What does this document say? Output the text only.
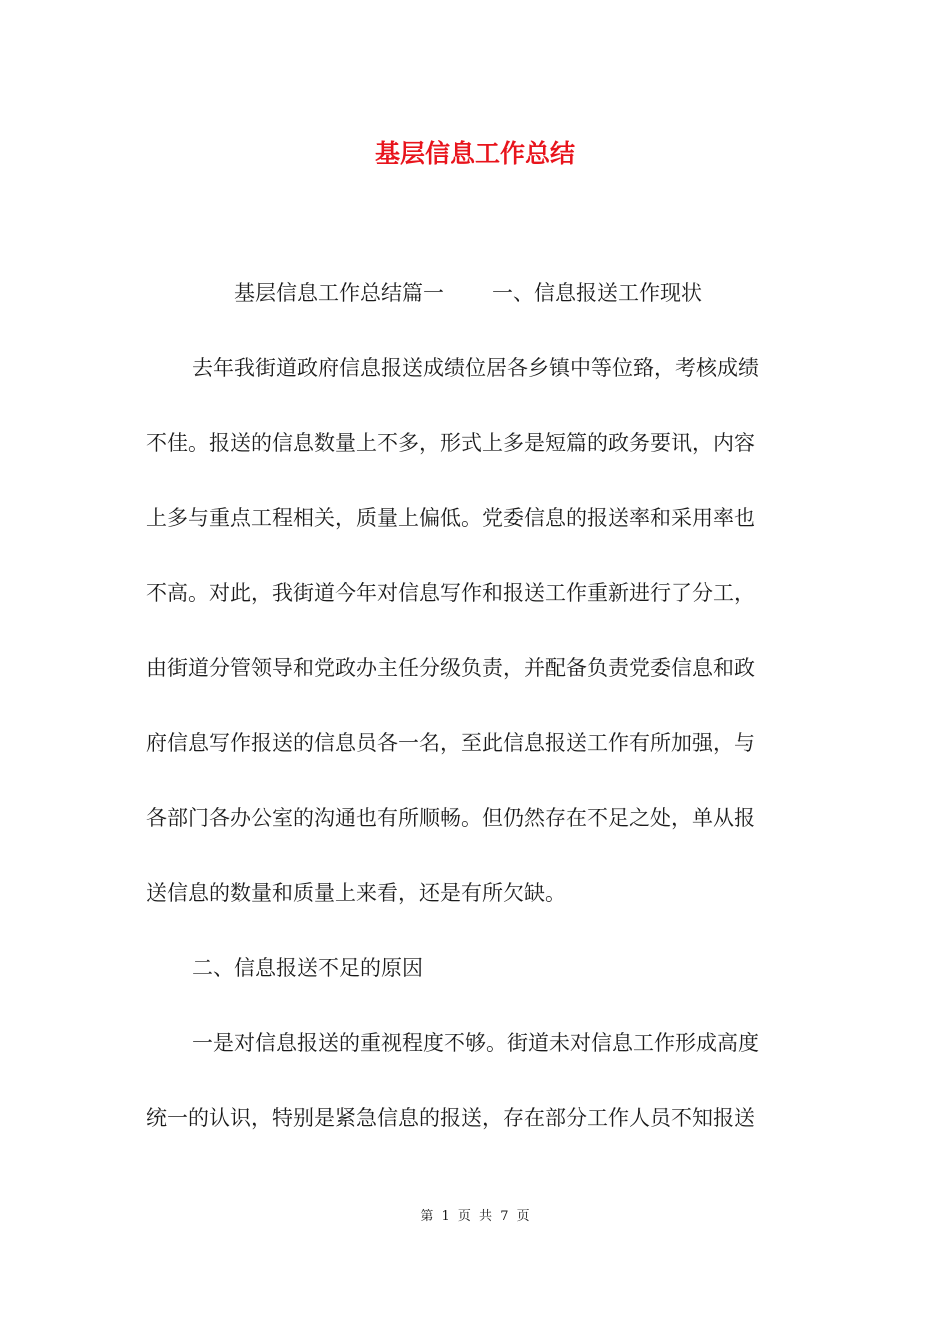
基层信息工作总结
基层信息工作总结篇一 一、信息报送工作现状
去年我街道政府信息报送成绩位居各乡镇中等位臵，考核成绩
不佳。报送的信息数量上不多，形式上多是短篇的政务要讯，内容
上多与重点工程相关，质量上偏低。党委信息的报送率和采用率也
不高。对此，我街道今年对信息写作和报送工作重新进行了分工，
由街道分管领导和党政办主任分级负责，并配备负责党委信息和政
府信息写作报送的信息员各一名，至此信息报送工作有所加强，与
各部门各办公室的沟通也有所顺畅。但仍然存在不足之处，单从报
送信息的数量和质量上来看，还是有所欠缺。
二、信息报送不足的原因
一是对信息报送的重视程度不够。街道未对信息工作形成高度
统一的认识，特别是紧急信息的报送，存在部分工作人员不知报送
第 1 页 共 7 页
